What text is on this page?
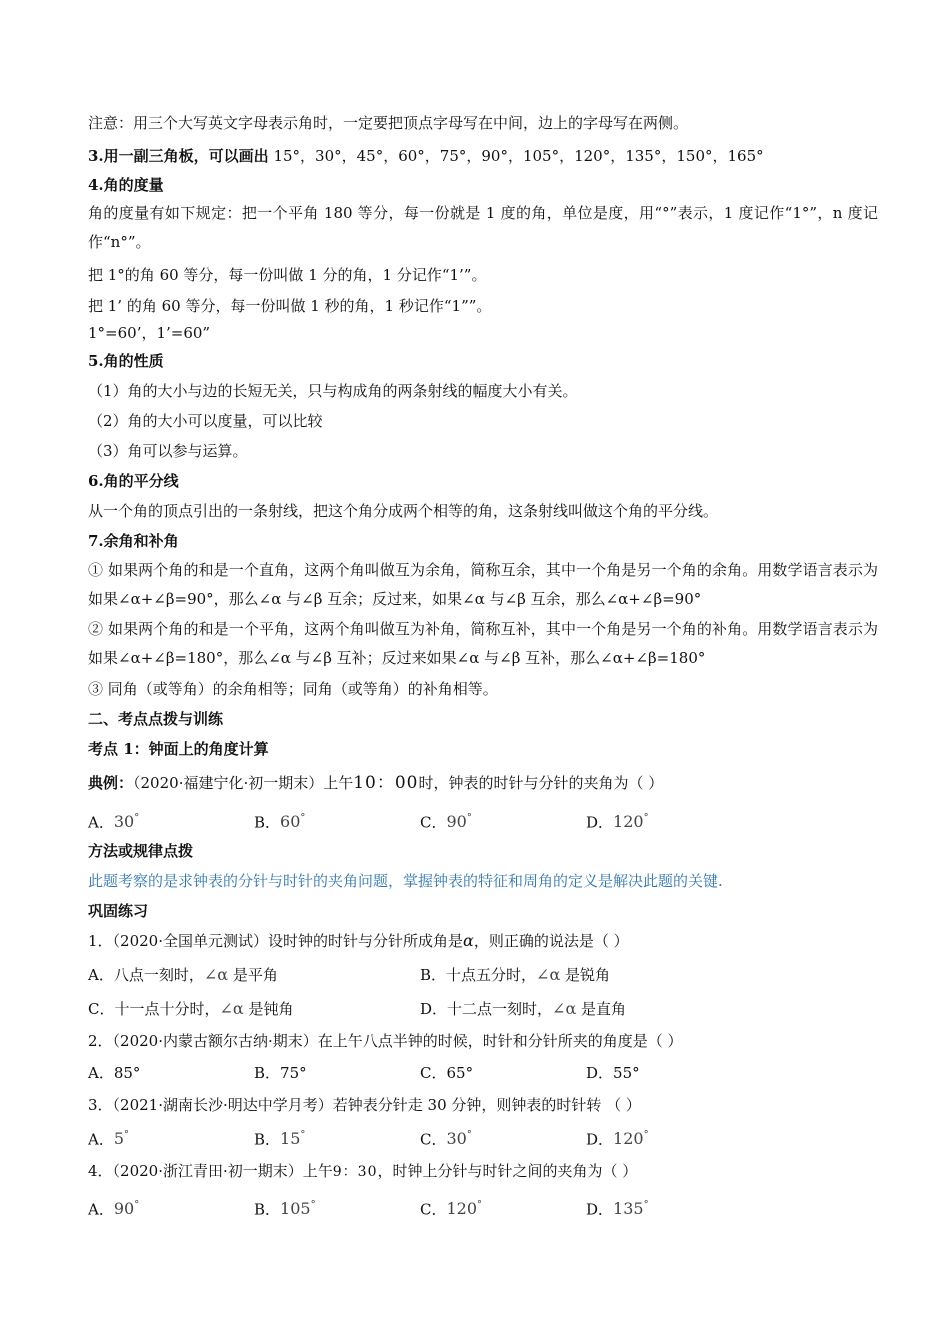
注意：用三个大写英文字母表示角时，一定要把顶点字母写在中间，边上的字母写在两侧。
3.用一副三角板，可以画出 15°，30°，45°，60°，75°，90°，105°，120°，135°，150°，165°
4.角的度量
角的度量有如下规定：把一个平角 180 等分，每一份就是 1 度的角，单位是度，用“°”表示，1 度记作“1°”，n 度记作“n°”。
把 1°的角 60 等分，每一份叫做 1 分的角，1 分记作“1’”。
把 1’ 的角 60 等分，每一份叫做 1 秒的角，1 秒记作“1””。
1°=60’，1’=60”
5.角的性质
（1）角的大小与边的长短无关，只与构成角的两条射线的幅度大小有关。
（2）角的大小可以度量，可以比较
（3）角可以参与运算。
6.角的平分线
从一个角的顶点引出的一条射线，把这个角分成两个相等的角，这条射线叫做这个角的平分线。
7.余角和补角
① 如果两个角的和是一个直角，这两个角叫做互为余角，简称互余，其中一个角是另一个角的余角。用数学语言表示为如果∠α+∠β=90°，那么∠α 与∠β 互余；反过来，如果∠α 与∠β 互余，那么∠α+∠β=90°
② 如果两个角的和是一个平角，这两个角叫做互为补角，简称互补，其中一个角是另一个角的补角。用数学语言表示为如果∠α+∠β=180°，那么∠α 与∠β 互补；反过来如果∠α 与∠β 互补，那么∠α+∠β=180°
③ 同角（或等角）的余角相等；同角（或等角）的补角相等。
二、考点点拨与训练
考点 1：钟面上的角度计算
典例：（2020·福建宁化·初一期末）上午10：00时，钟表的时针与分针的夹角为（ ）
A．30°	B．60°	C．90°	D．120°
方法或规律点拨
此题考察的是求钟表的分针与时针的夹角问题，掌握钟表的特征和周角的定义是解决此题的关键.
巩固练习
1．（2020·全国单元测试）设时钟的时针与分针所成角是α，则正确的说法是（ ）
A．八点一刻时，∠α 是平角	B．十点五分时，∠α 是锐角
C．十一点十分时，∠α 是钝角	D．十二点一刻时，∠α 是直角
2．（2020·内蒙古额尔古纳·期末）在上午八点半钟的时候，时针和分针所夹的角度是（ ）
A．85°	B．75°	C．65°	D．55°
3．（2021·湖南长沙·明达中学月考）若钟表分针走 30 分钟，则钟表的时针转 （ ）
A．5°	B．15°	C．30°	D．120°
4．（2020·浙江青田·初一期末）上午9：30，时钟上分针与时针之间的夹角为（ ）
A．90°	B．105°	C．120°	D．135°
